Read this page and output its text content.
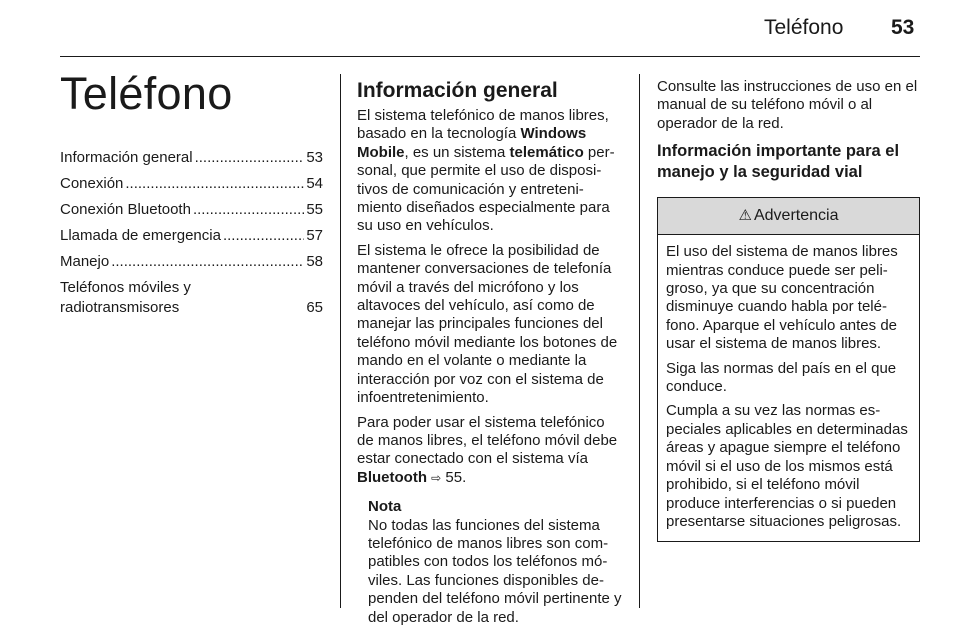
Teléfono 53
Teléfono
Información general .....	53
Conexión .....	54
Conexión Bluetooth .....	55
Llamada de emergencia .....	57
Manejo .....	58
Teléfonos móviles y radiotransmisores	65
Información general

El sistema telefónico de manos libres, basado en la tecnología Windows Mobile, es un sistema telemático personal, que permite el uso de dispositivos de comunicación y entretenimiento diseñados especialmente para su uso en vehículos.

El sistema le ofrece la posibilidad de mantener conversaciones de telefonía móvil a través del micrófono y los altavoces del vehículo, así como de manejar las principales funciones del teléfono móvil mediante los botones de mando en el volante o mediante la interacción por voz con el sistema de infoentretenimiento.

Para poder usar el sistema telefónico de manos libres, el teléfono móvil debe estar conectado con el sistema vía Bluetooth ⇨ 55.

Nota
No todas las funciones del sistema telefónico de manos libres son compatibles con todos los teléfonos móviles. Las funciones disponibles dependen del teléfono móvil pertinente y del operador de la red.

Consulte las instrucciones de uso en el manual de su teléfono móvil o al operador de la red.

Información importante para el manejo y la seguridad vial
⚠ Advertencia

El uso del sistema de manos libres mientras conduce puede ser peligroso, ya que su concentración disminuye cuando habla por teléfono. Aparque el vehículo antes de usar el sistema de manos libres.

Siga las normas del país en el que conduce.

Cumpla a su vez las normas especiales aplicables en determinadas áreas y apague siempre el teléfono móvil si el uso de los mismos está prohibido, si el teléfono móvil produce interferencias o si pueden presentarse situaciones peligrosas.
